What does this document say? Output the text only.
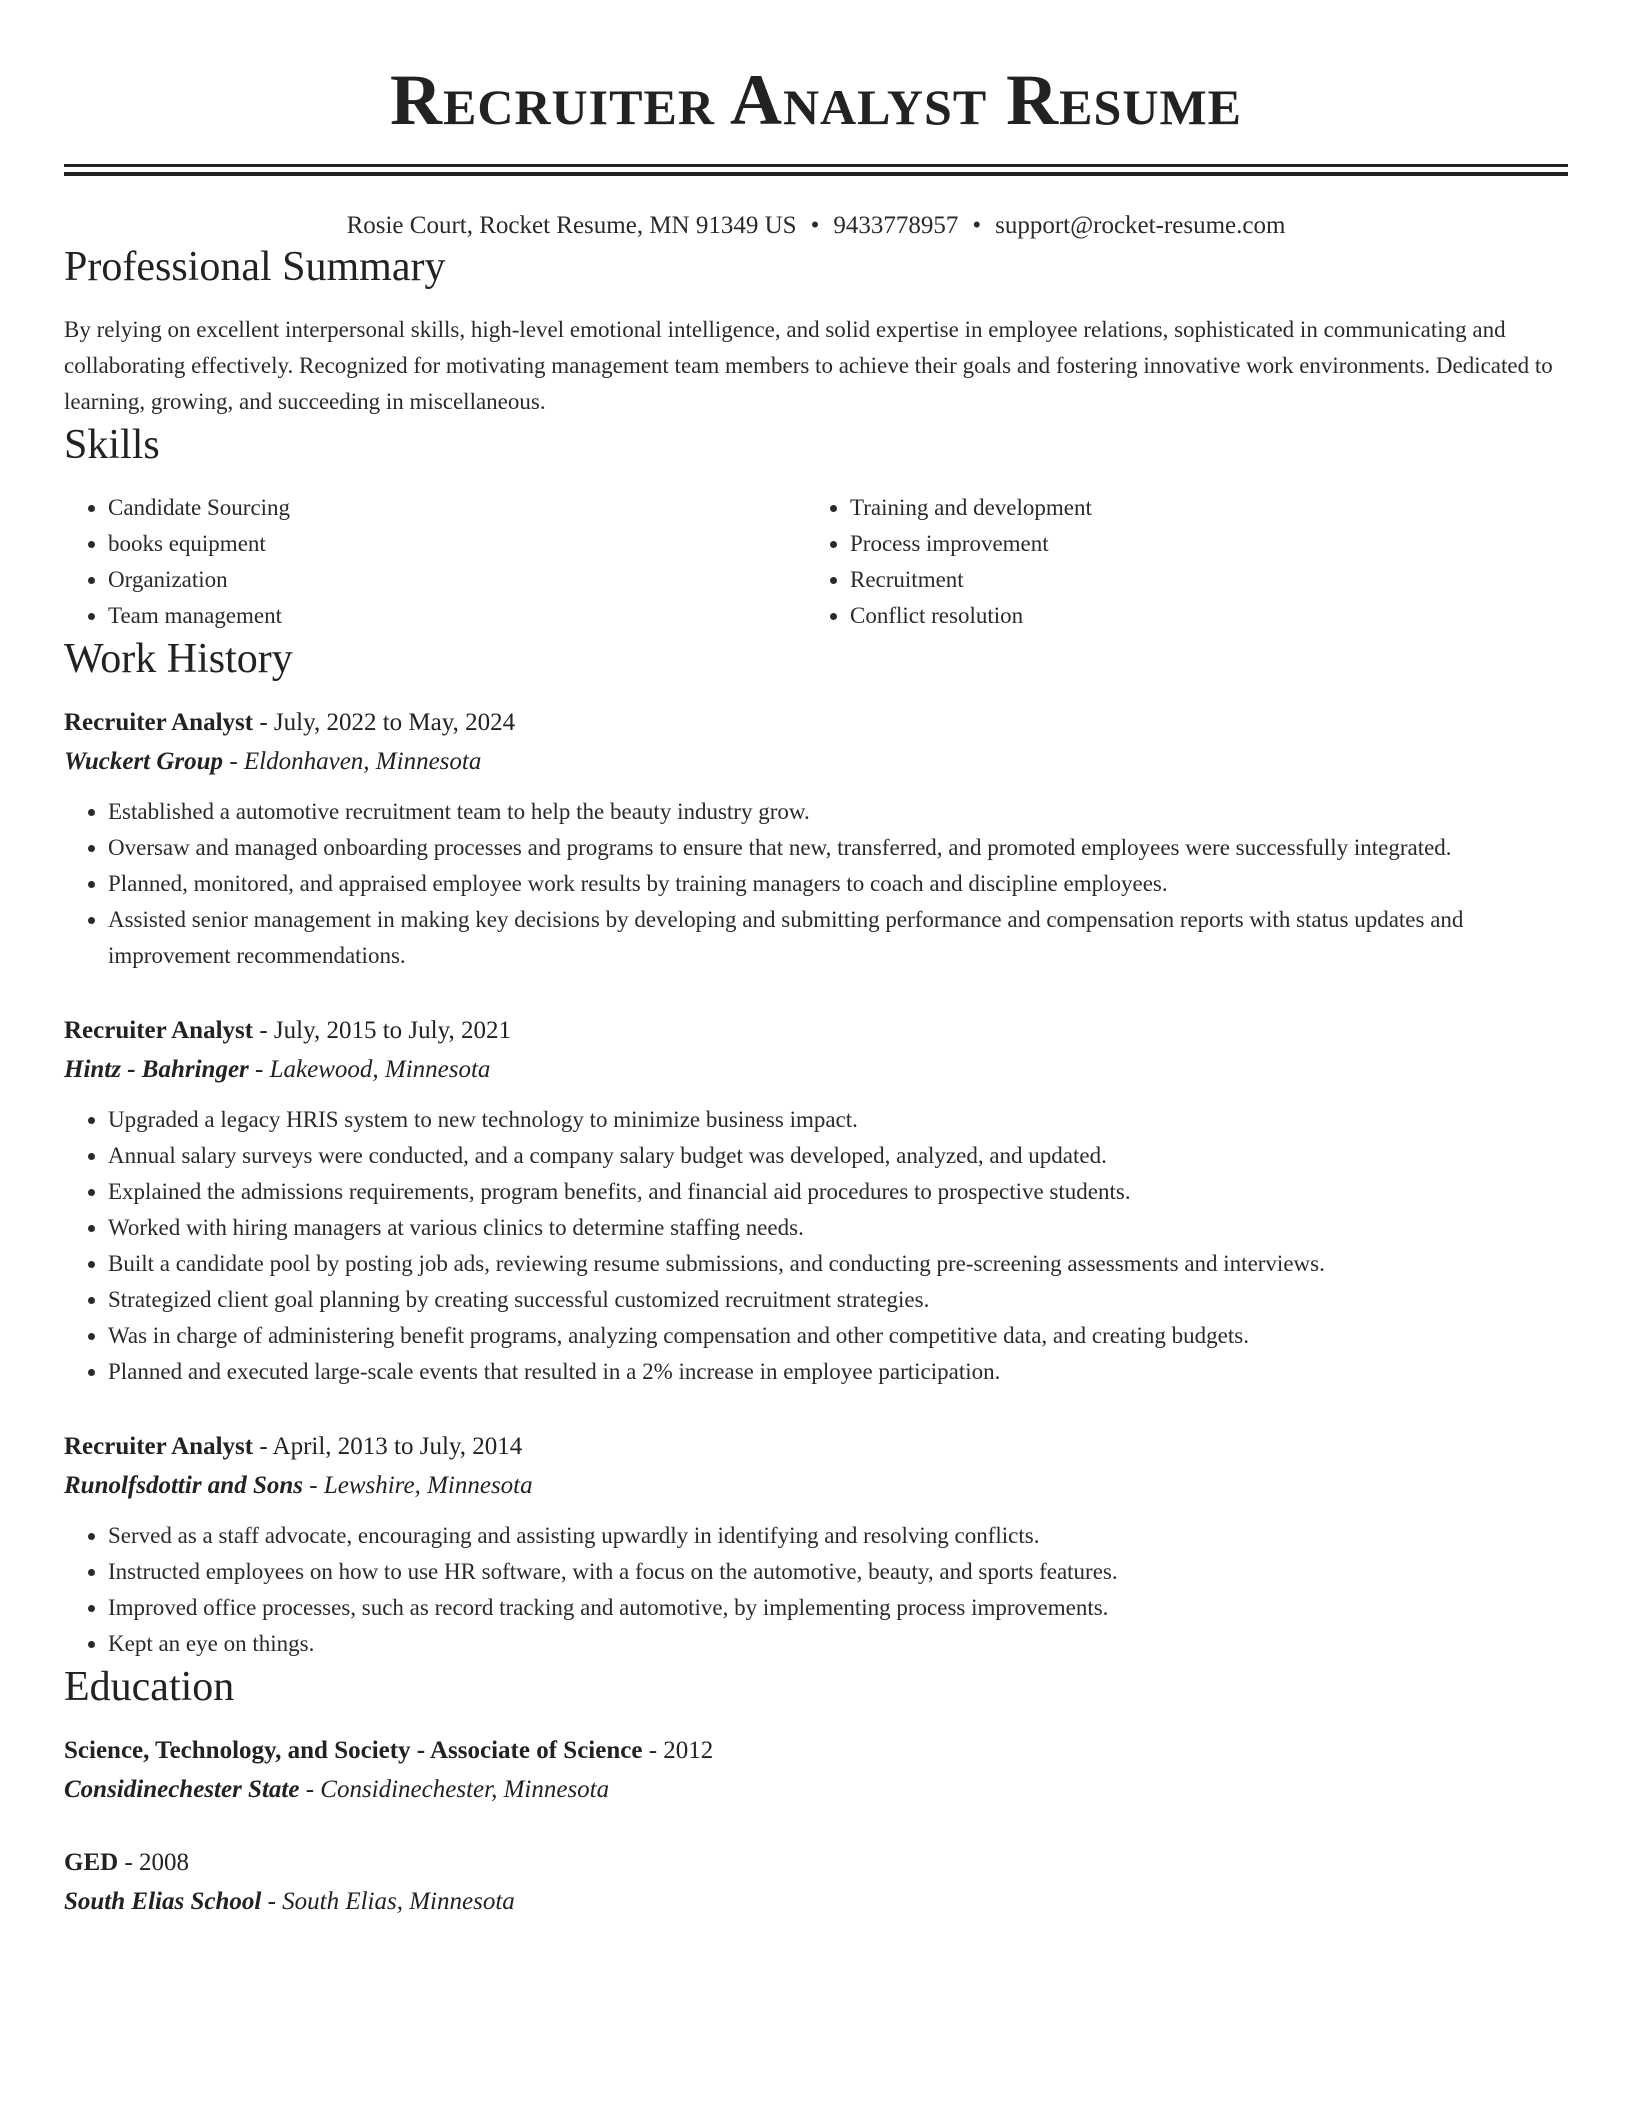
Recruiter Analyst Resume
Rosie Court, Rocket Resume, MN 91349 US • 9433778957 • support@rocket-resume.com
Professional Summary

By relying on excellent interpersonal skills, high-level emotional intelligence, and solid expertise in employee relations, sophisticated in communicating and collaborating effectively. Recognized for motivating management team members to achieve their goals and fostering innovative work environments. Dedicated to learning, growing, and succeeding in miscellaneous.

Skills
• Candidate Sourcing
• books equipment
• Organization
• Team management
• Training and development
• Process improvement
• Recruitment
• Conflict resolution
Work History
Recruiter Analyst - July, 2022 to May, 2024
Wuckert Group - Eldonhaven, Minnesota
• Established a automotive recruitment team to help the beauty industry grow.
• Oversaw and managed onboarding processes and programs to ensure that new, transferred, and promoted employees were successfully integrated.
• Planned, monitored, and appraised employee work results by training managers to coach and discipline employees.
• Assisted senior management in making key decisions by developing and submitting performance and compensation reports with status updates and improvement recommendations.
Recruiter Analyst - July, 2015 to July, 2021
Hintz - Bahringer - Lakewood, Minnesota
• Upgraded a legacy HRIS system to new technology to minimize business impact.
• Annual salary surveys were conducted, and a company salary budget was developed, analyzed, and updated.
• Explained the admissions requirements, program benefits, and financial aid procedures to prospective students.
• Worked with hiring managers at various clinics to determine staffing needs.
• Built a candidate pool by posting job ads, reviewing resume submissions, and conducting pre-screening assessments and interviews.
• Strategized client goal planning by creating successful customized recruitment strategies.
• Was in charge of administering benefit programs, analyzing compensation and other competitive data, and creating budgets.
• Planned and executed large-scale events that resulted in a 2% increase in employee participation.
Recruiter Analyst - April, 2013 to July, 2014
Runolfsdottir and Sons - Lewshire, Minnesota
• Served as a staff advocate, encouraging and assisting upwardly in identifying and resolving conflicts.
• Instructed employees on how to use HR software, with a focus on the automotive, beauty, and sports features.
• Improved office processes, such as record tracking and automotive, by implementing process improvements.
• Kept an eye on things.
Education
Science, Technology, and Society - Associate of Science - 2012
Considinechester State - Considinechester, Minnesota
GED - 2008
South Elias School - South Elias, Minnesota
